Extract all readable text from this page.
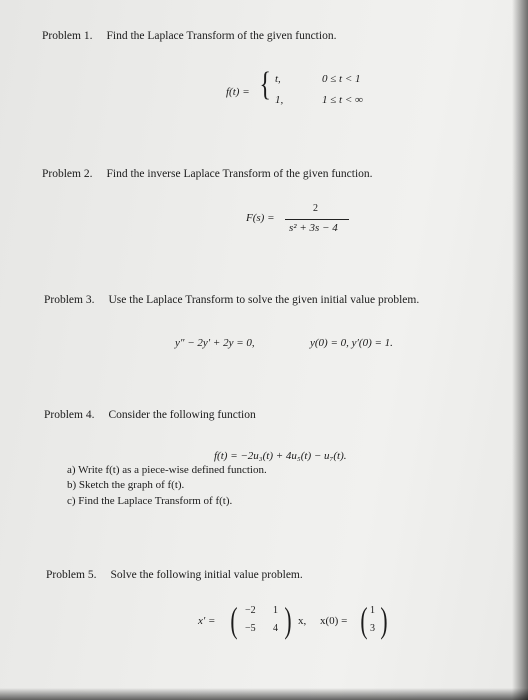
Problem 1. Find the Laplace Transform of the given function.
f(t) = { t,	0 ≤ t < 1
1,	1 ≤ t < ∞
Problem 2. Find the inverse Laplace Transform of the given function.
F(s) =
2
s² + 3s − 4
Problem 3. Use the Laplace Transform to solve the given initial value problem.
y″ − 2y′ + 2y = 0,	y(0) = 0, y′(0) = 1.
Problem 4. Consider the following function
f(t) = −2u₃(t) + 4u₅(t) − u₇(t).
a) Write f(t) as a piece-wise defined function.
b) Sketch the graph of f(t).
c) Find the Laplace Transform of f(t).
Problem 5. Solve the following initial value problem.
x′ = ( −2 1
−5 4 ) x, x(0) = ( 1
3 )
